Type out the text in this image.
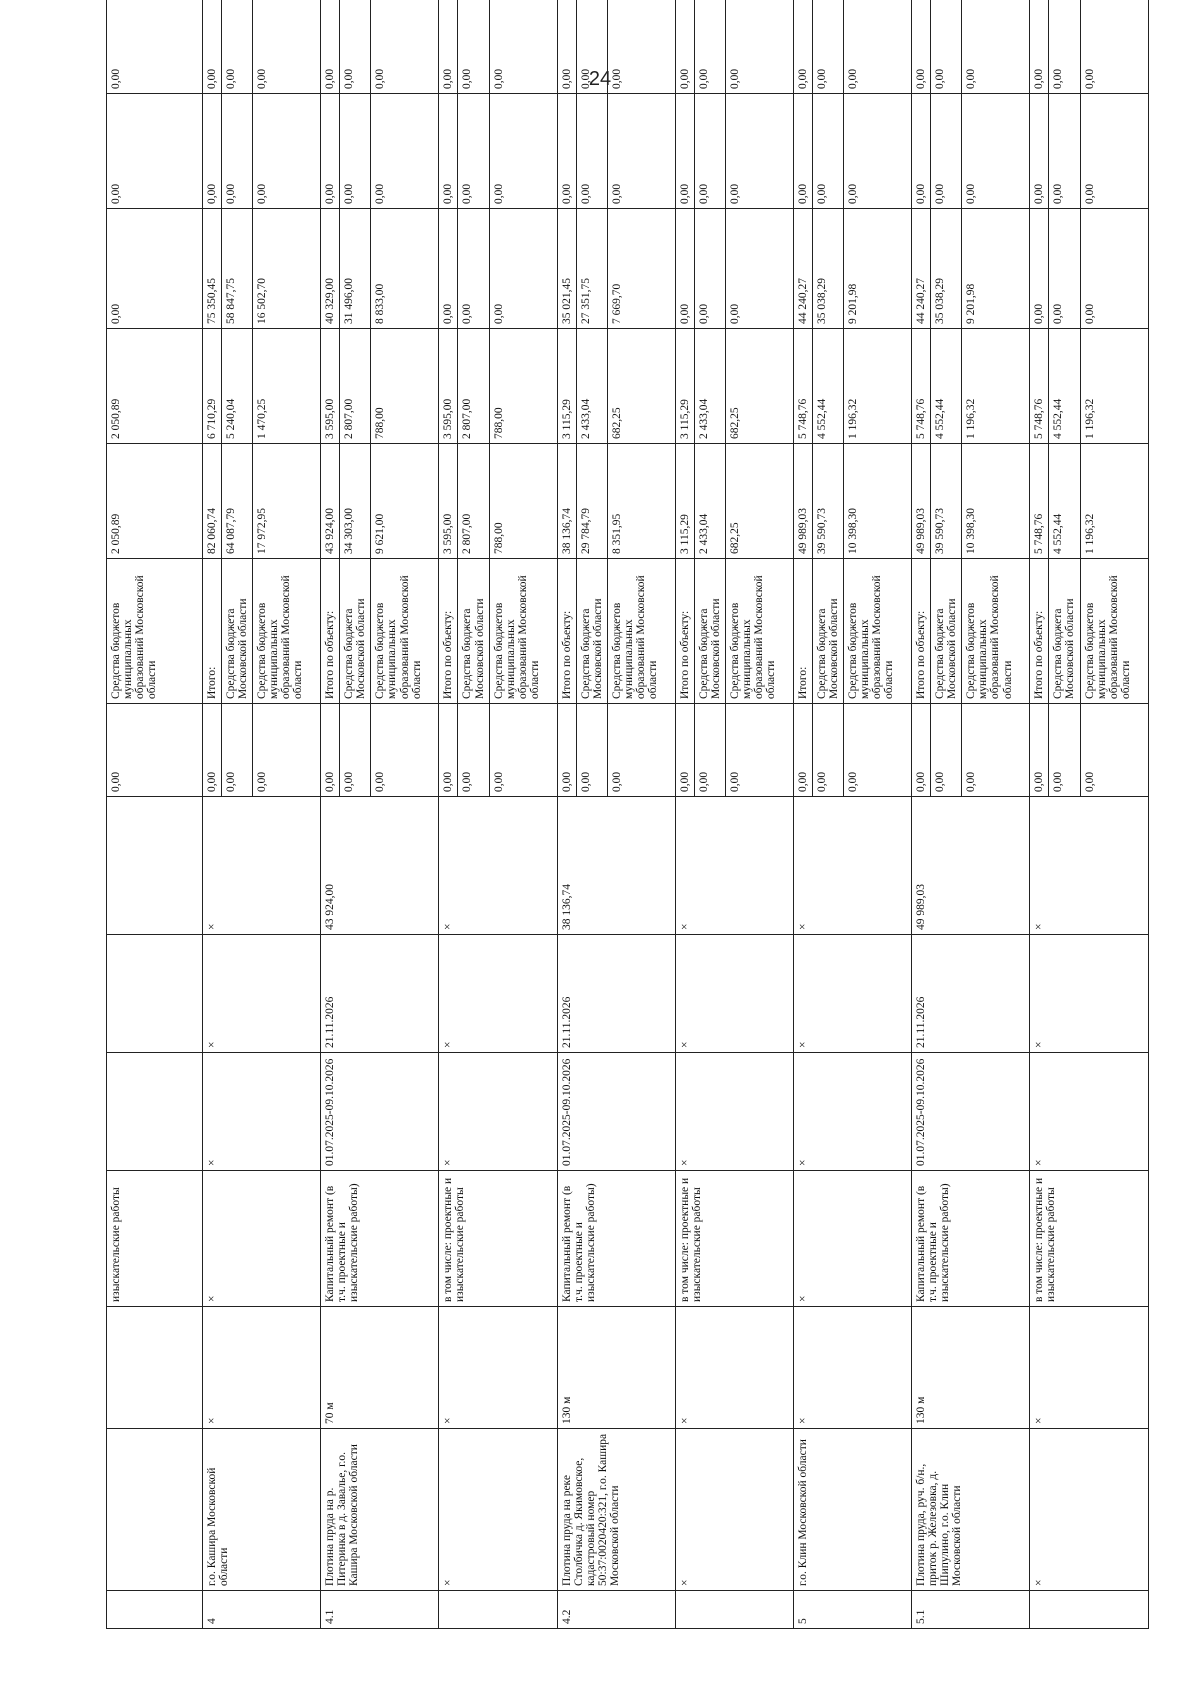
24
			изыскательские работы				0,00	Средства бюджетов муниципальных образований Московской области	2 050,89	2 050,89	0,00	0,00	0,00
4	г.о. Кашира Московской области	×	×	×	×	×	0,00	Итого:	82 060,74	6 710,29	75 350,45	0,00	0,00
							0,00	Средства бюджета Московской области	64 087,79	5 240,04	58 847,75	0,00	0,00
							0,00	Средства бюджетов муниципальных образований Московской области	17 972,95	1 470,25	16 502,70	0,00	0,00
4.1	Плотина пруда на р. Питеринка в д. Завалье, г.о. Кашира Московской области	70 м	Капитальный ремонт (в т.ч. проектные и изыскательские работы)	01.07.2025-09.10.2026	21.11.2026	43 924,00	0,00	Итого по объекту:	43 924,00	3 595,00	40 329,00	0,00	0,00
							0,00	Средства бюджета Московской области	34 303,00	2 807,00	31 496,00	0,00	0,00
							0,00	Средства бюджетов муниципальных образований Московской области	9 621,00	788,00	8 833,00	0,00	0,00
	×	×	в том числе: проектные и изыскательские работы	×	×	×	0,00	Итого по объекту:	3 595,00	3 595,00	0,00	0,00	0,00
							0,00	Средства бюджета Московской области	2 807,00	2 807,00	0,00	0,00	0,00
							0,00	Средства бюджетов муниципальных образований Московской области	788,00	788,00	0,00	0,00	0,00
4.2	Плотина пруда на реке Столбичка д. Якимовское, кадастровый номер 50:37:0020420:321, г.о. Кашира Московской области	130 м	Капитальный ремонт (в т.ч. проектные и изыскательские работы)	01.07.2025-09.10.2026	21.11.2026	38 136,74	0,00	Итого по объекту:	38 136,74	3 115,29	35 021,45	0,00	0,00
							0,00	Средства бюджета Московской области	29 784,79	2 433,04	27 351,75	0,00	0,00
							0,00	Средства бюджетов муниципальных образований Московской области	8 351,95	682,25	7 669,70	0,00	0,00
	×	×	в том числе: проектные и изыскательские работы	×	×	×	0,00	Итого по объекту:	3 115,29	3 115,29	0,00	0,00	0,00
							0,00	Средства бюджета Московской области	2 433,04	2 433,04	0,00	0,00	0,00
							0,00	Средства бюджетов муниципальных образований Московской области	682,25	682,25	0,00	0,00	0,00
5	г.о. Клин Московской области	×	×	×	×	×	0,00	Итого:	49 989,03	5 748,76	44 240,27	0,00	0,00
							0,00	Средства бюджета Московской области	39 590,73	4 552,44	35 038,29	0,00	0,00
							0,00	Средства бюджетов муниципальных образований Московской области	10 398,30	1 196,32	9 201,98	0,00	0,00
5.1	Плотина пруда, руч. б/н., приток р. Железовка, д. Шипулино, г.о. Клин Московской области	130 м	Капитальный ремонт (в т.ч. проектные и изыскательские работы)	01.07.2025-09.10.2026	21.11.2026	49 989,03	0,00	Итого по объекту:	49 989,03	5 748,76	44 240,27	0,00	0,00
							0,00	Средства бюджета Московской области	39 590,73	4 552,44	35 038,29	0,00	0,00
							0,00	Средства бюджетов муниципальных образований Московской области	10 398,30	1 196,32	9 201,98	0,00	0,00
	×	×	в том числе: проектные и изыскательские работы	×	×	×	0,00	Итого по объекту:	5 748,76	5 748,76	0,00	0,00	0,00
							0,00	Средства бюджета Московской области	4 552,44	4 552,44	0,00	0,00	0,00
							0,00	Средства бюджетов муниципальных образований Московской области	1 196,32	1 196,32	0,00	0,00	0,00
